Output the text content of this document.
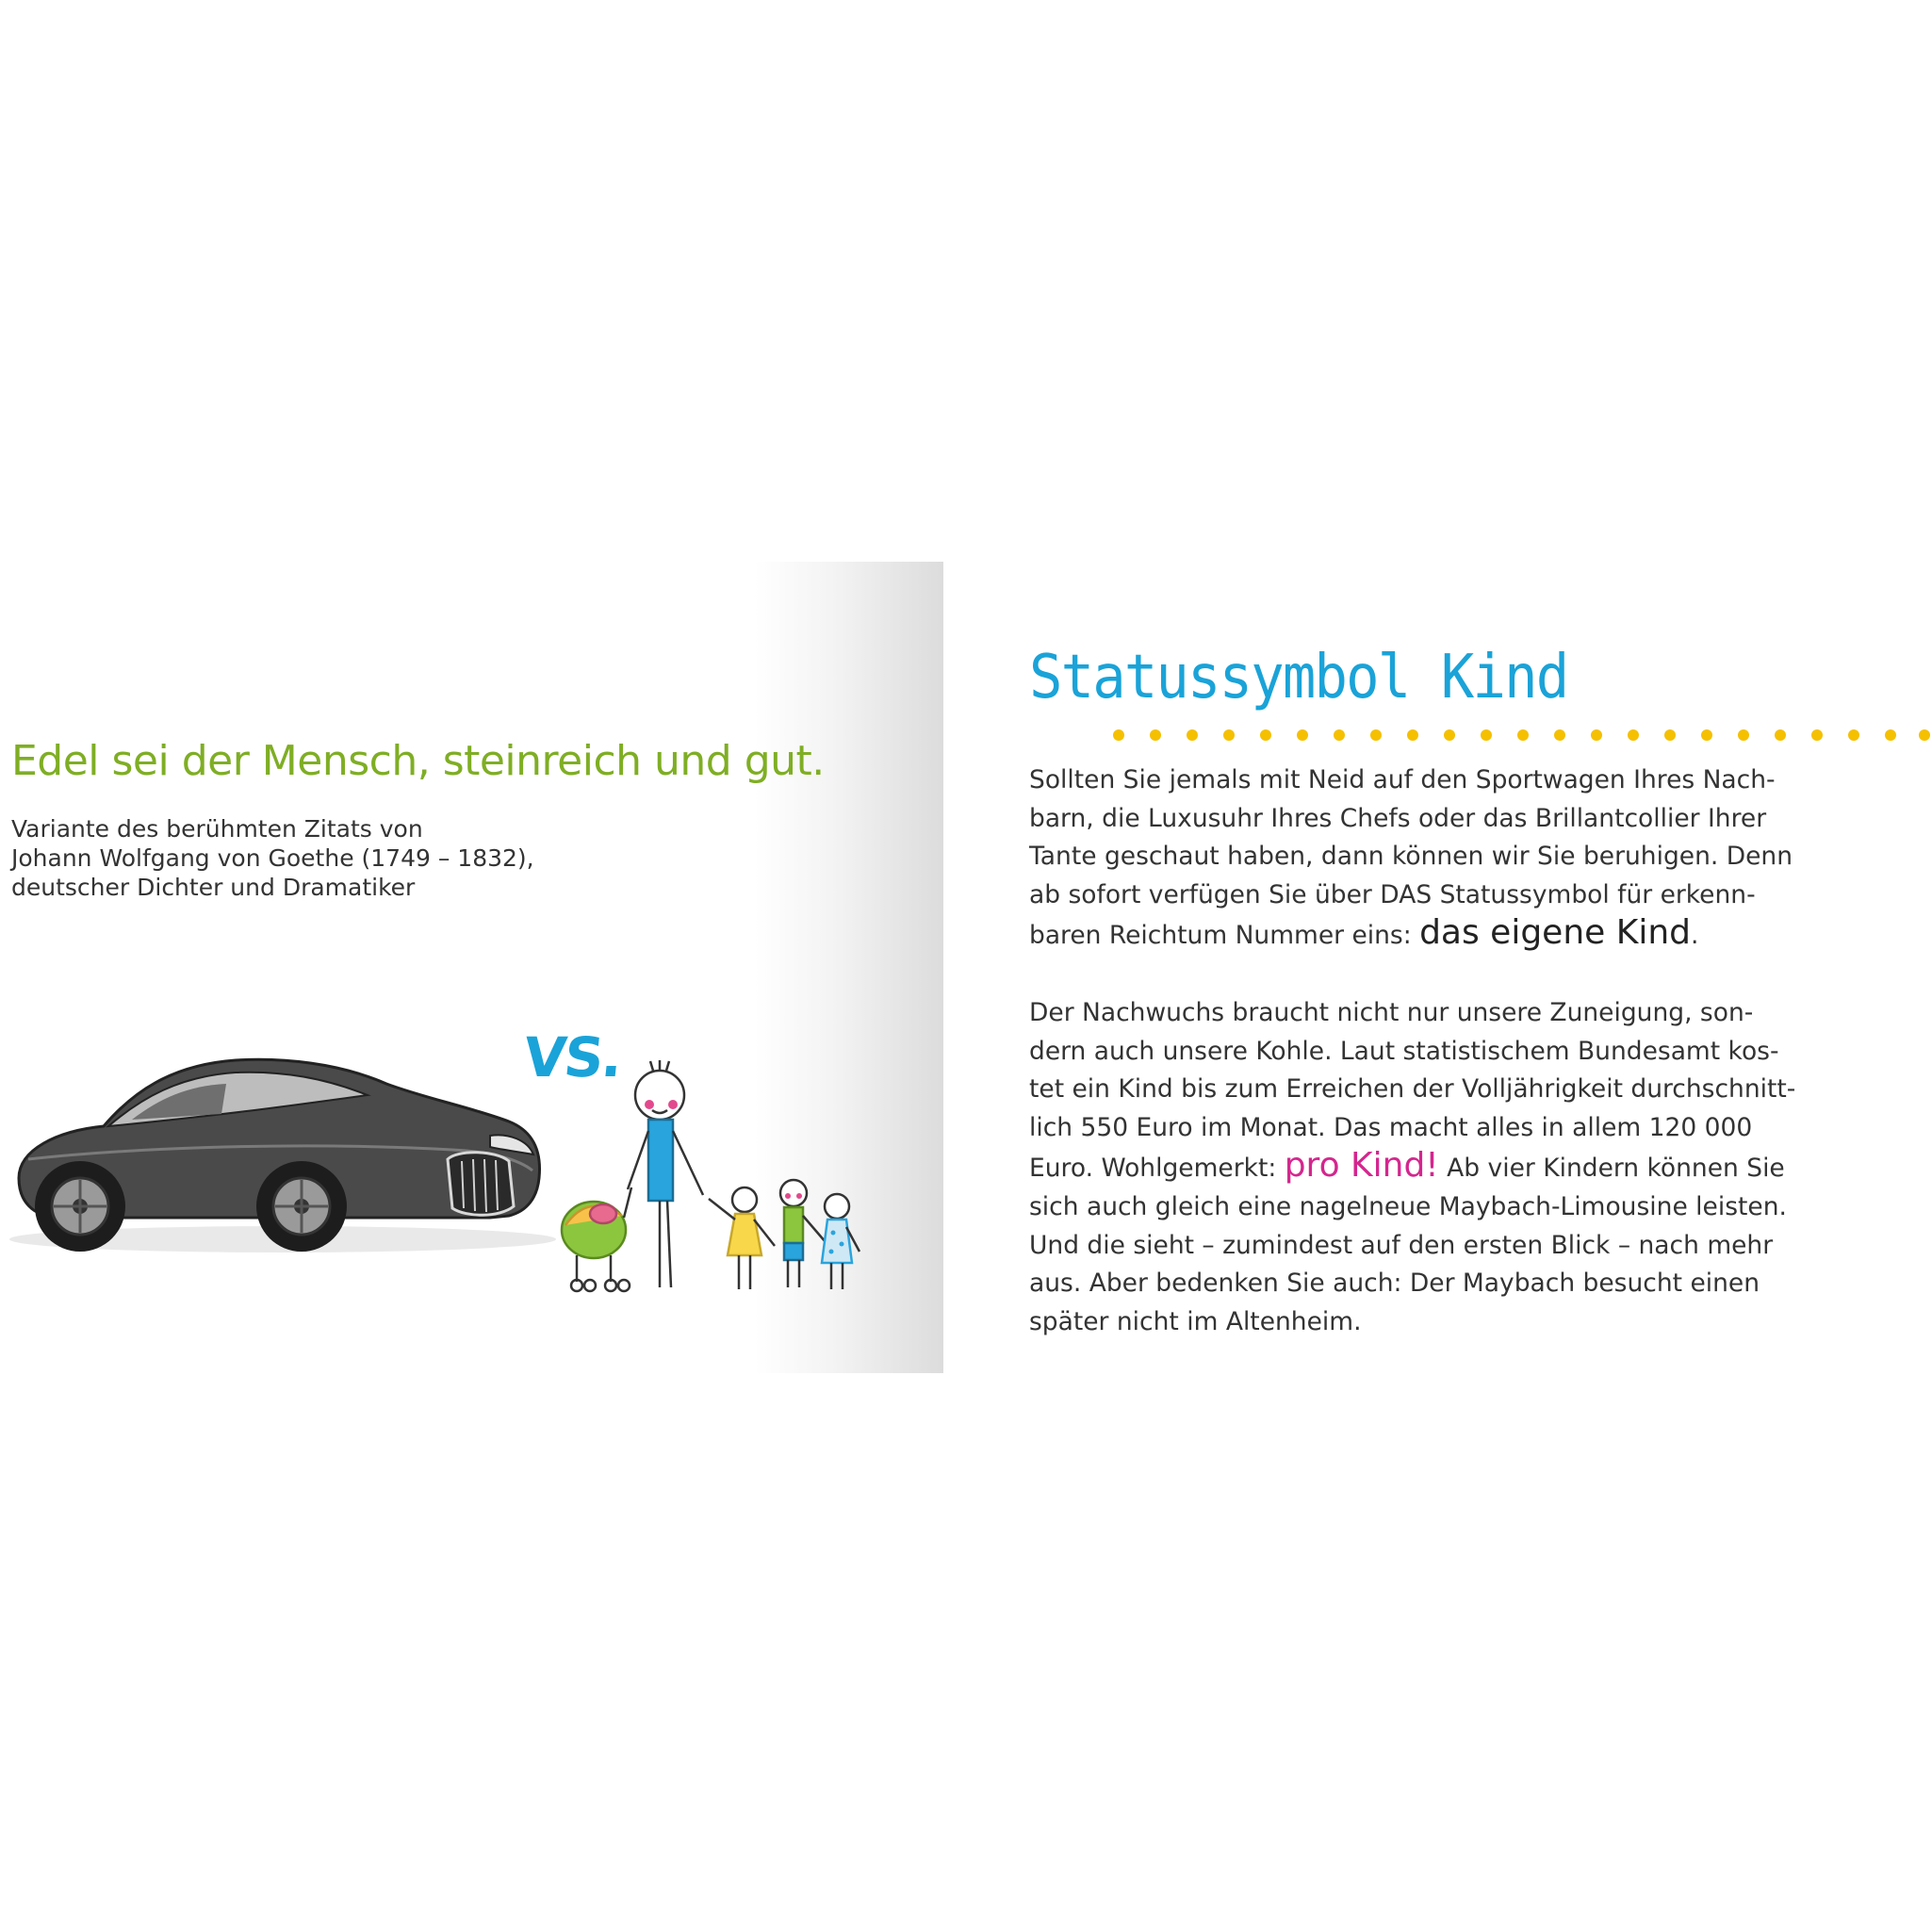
Edel sei der Mensch, steinreich und gut.
Variante des berühmten Zitats von
Johann Wolfgang von Goethe (1749 – 1832),
deutscher Dichter und Dramatiker
VS.
Statussymbol Kind
Sollten Sie jemals mit Neid auf den Sportwagen Ihres Nach-
barn, die Luxusuhr Ihres Chefs oder das Brillantcollier Ihrer
Tante geschaut haben, dann können wir Sie beruhigen. Denn
ab sofort verfügen Sie über DAS Statussymbol für erkenn-
baren Reichtum Nummer eins: das eigene Kind.
Der Nachwuchs braucht nicht nur unsere Zuneigung, son-
dern auch unsere Kohle. Laut statistischem Bundesamt kos-
tet ein Kind bis zum Erreichen der Volljährigkeit durchschnitt-
lich 550 Euro im Monat. Das macht alles in allem 120 000
Euro. Wohlgemerkt: pro Kind! Ab vier Kindern können Sie
sich auch gleich eine nagelneue Maybach-Limousine leisten.
Und die sieht – zumindest auf den ersten Blick – nach mehr
aus. Aber bedenken Sie auch: Der Maybach besucht einen
später nicht im Altenheim.
